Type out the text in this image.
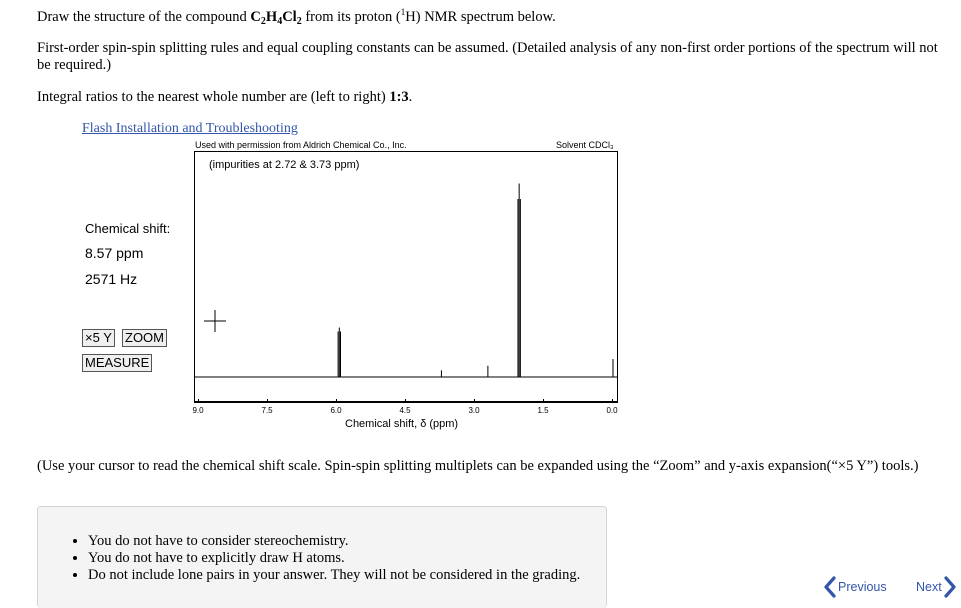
Draw the structure of the compound $C_2H_4Cl_2$ from its proton ($^1$H) NMR spectrum below.
First-order spin-spin splitting rules and equal coupling constants can be assumed. (Detailed analysis of any non-first order portions of the spectrum will not be required.)
Integral ratios to the nearest whole number are (left to right) 1:3.
Flash Installation and Troubleshooting
Used with permission from Aldrich Chemical Co., Inc.	Solvent CDCl₃
(impurities at 2.72 & 3.73 ppm)
9.0	7.5	6.0	4.5	3.0	1.5	0.0
Chemical shift, δ (ppm)
Chemical shift:
8.57 ppm
2571 Hz
×5 Y ZOOM
MEASURE
(Use your cursor to read the chemical shift scale. Spin-spin splitting multiplets can be expanded using the “Zoom” and y-axis expansion(“×5 Y”) tools.)
• You do not have to consider stereochemistry.
• You do not have to explicitly draw H atoms.
• Do not include lone pairs in your answer. They will not be considered in the grading.
Previous Next
